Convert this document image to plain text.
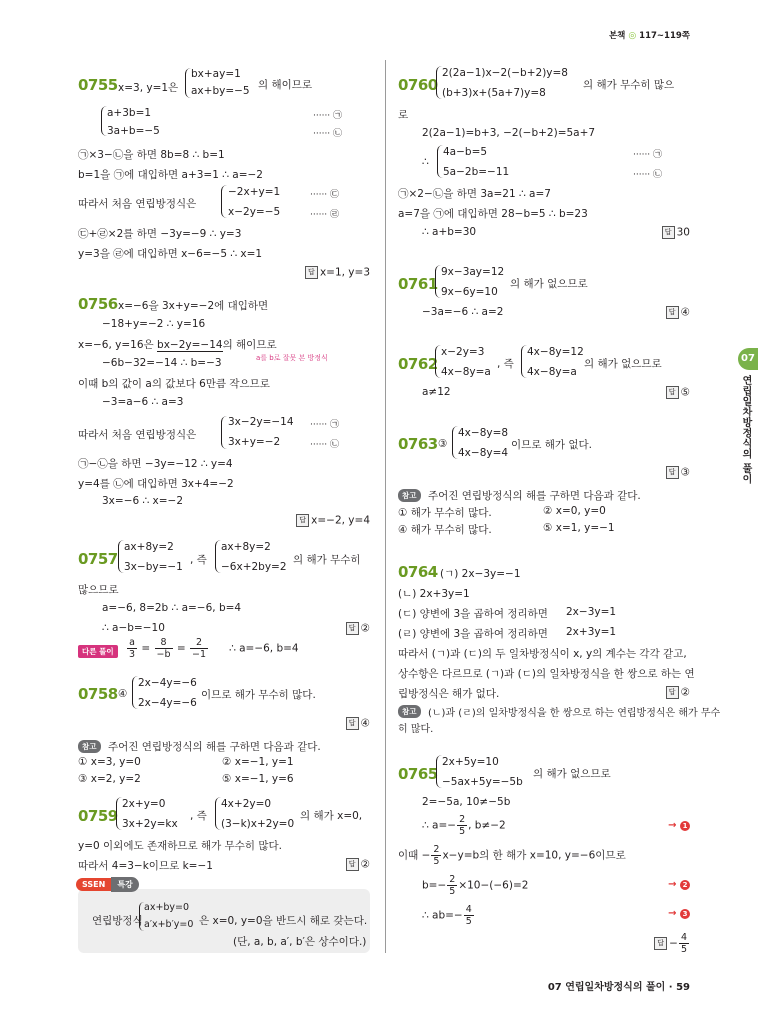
본책 ◎ 117~119쪽
0755 x=3, y=1은
bx+ay=1
ax+by=−5 의 해이므로
a+3b=1	······ ㉠
3a+b=−5	······ ㉡
㉠×3−㉡을 하면 8b=8 ∴ b=1
b=1을 ㉠에 대입하면 a+3=1 ∴ a=−2
따라서 처음 연립방정식은
−2x+y=1	······ ㉢
x−2y=−5	······ ㉣
㉢+㉣×2를 하면 −3y=−9 ∴ y=3
y=3을 ㉣에 대입하면 x−6=−5 ∴ x=1
답 x=1, y=3
0756 x=−6을 3x+y=−2에 대입하면
−18+y=−2 ∴ y=16
x=−6, y=16은 bx−2y=−14의 해이므로
a를 b로 잘못 본 방정식
−6b−32=−14 ∴ b=−3
이때 b의 값이 a의 값보다 6만큼 작으므로
−3=a−6 ∴ a=3
따라서 처음 연립방정식은
3x−2y=−14 ······ ㉠
3x+y=−2	······ ㉡
㉠−㉡을 하면 −3y=−12 ∴ y=4
y=4를 ㉡에 대입하면 3x+4=−2
3x=−6 ∴ x=−2
답 x=−2, y=4
0757
ax+8y=2
3x−by=−1
, 즉
ax+8y=2
−6x+2by=2
의 해가 무수히
많으므로
a=−6, 8=2b ∴ a=−6, b=4
∴ a−b=−10	답 ②
다른 풀이	$\frac{a}{3} = \frac{8}{-b} = \frac{2}{-1}$ ∴ a=−6, b=4
0758 ④
2x−4y=−6
2x−4y=−6
이므로 해가 무수히 많다.
답 ④
참고	주어진 연립방정식의 해를 구하면 다음과 같다.
① x=3, y=0	② x=−1, y=1
③ x=2, y=2	⑤ x=−1, y=6
0759
2x+y=0
3x+2y=kx
, 즉
4x+2y=0
(3−k)x+2y=0
의 해가 x=0,
y=0 이외에도 존재하므로 해가 무수히 많다.
따라서 4=3−k이므로 k=−1	답 ②
SSEN 특강
연립방정식
ax+by=0
a′x+b′y=0 은 x=0, y=0을 반드시 해로 갖는다.
(단, a, b, a′, b′은 상수이다.)
0760
2(2a−1)x−2(−b+2)y=8
(b+3)x+(5a+7)y=8
의 해가 무수히 많으
로
2(2a−1)=b+3, −2(−b+2)=5a+7
∴
4a−b=5	······ ㉠
5a−2b=−11	······ ㉡
㉠×2−㉡을 하면 3a=21 ∴ a=7
a=7을 ㉠에 대입하면 28−b=5 ∴ b=23
∴ a+b=30	답 30
0761
9x−3ay=12
9x−6y=10
의 해가 없으므로
−3a=−6 ∴ a=2	답 ④
0762
x−2y=3
4x−8y=a
, 즉
4x−8y=12
4x−8y=a
의 해가 없으므로
a≠12	답 ⑤
0763 ③
4x−8y=8
4x−8y=4
이므로 해가 없다.
답 ③
참고	주어진 연립방정식의 해를 구하면 다음과 같다.
① 해가 무수히 많다.	② x=0, y=0
④ 해가 무수히 많다.	⑤ x=1, y=−1
0764 (ㄱ) 2x−3y=−1
(ㄴ) 2x+3y=1
(ㄷ) 양변에 3을 곱하여 정리하면 2x−3y=1
(ㄹ) 양변에 3을 곱하여 정리하면 2x+3y=1
따라서 (ㄱ)과 (ㄷ)의 두 일차방정식이 x, y의 계수는 각각 같고,
상수항은 다르므로 (ㄱ)과 (ㄷ)의 일차방정식을 한 쌍으로 하는 연
립방정식은 해가 없다.	답 ②
참고	(ㄴ)과 (ㄹ)의 일차방정식을 한 쌍으로 하는 연립방정식은 해가 무수
히 많다.
0765
2x+5y=10
−5ax+5y=−5b
의 해가 없으므로
2=−5a, 10≠−5b
∴ $a=- \frac{2}{5}$ , b≠−2	→ 1
이때 − $\frac{2}{5} x-y=b$의 한 해가 x=10, y=−6이므로
$b=- \frac{2}{5} \times 10-(-6)=2$	→ 2
∴ $ab=- \frac{4}{5}$	→ 3
답 − $\frac{4}{5}$
07
연립일차방정식의 풀이
07 연립일차방정식의 풀이 · 59
